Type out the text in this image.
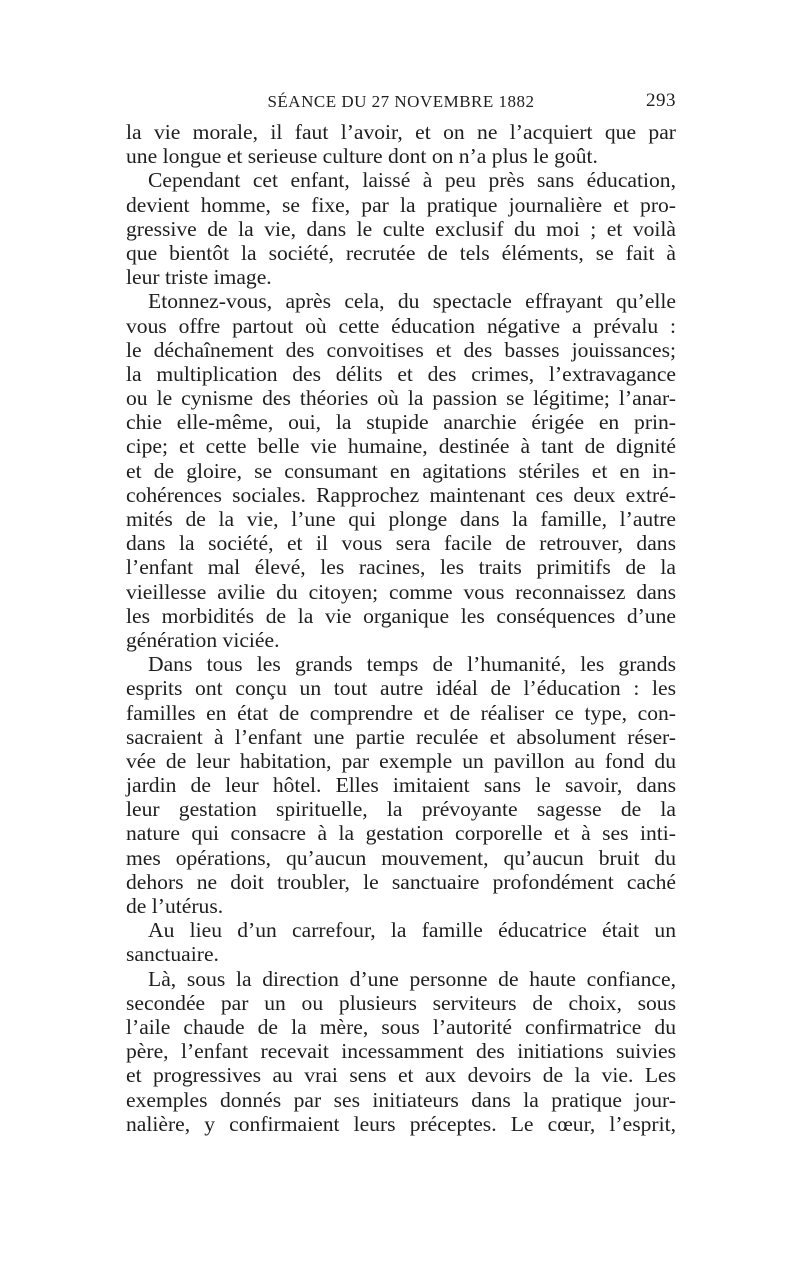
SÉANCE DU 27 NOVEMBRE 1882	293
la vie morale, il faut l’avoir, et on ne l’acquiert que par
une longue et serieuse culture dont on n’a plus le goût.
Cependant cet enfant, laissé à peu près sans éducation,
devient homme, se fixe, par la pratique journalière et pro-
gressive de la vie, dans le culte exclusif du moi ; et voilà
que bientôt la société, recrutée de tels éléments, se fait à
leur triste image.
Etonnez-vous, après cela, du spectacle effrayant qu’elle
vous offre partout où cette éducation négative a prévalu :
le déchaînement des convoitises et des basses jouissances;
la multiplication des délits et des crimes, l’extravagance
ou le cynisme des théories où la passion se légitime; l’anar-
chie elle-même, oui, la stupide anarchie érigée en prin-
cipe; et cette belle vie humaine, destinée à tant de dignité
et de gloire, se consumant en agitations stériles et en in-
cohérences sociales. Rapprochez maintenant ces deux extré-
mités de la vie, l’une qui plonge dans la famille, l’autre
dans la société, et il vous sera facile de retrouver, dans
l’enfant mal élevé, les racines, les traits primitifs de la
vieillesse avilie du citoyen; comme vous reconnaissez dans
les morbidités de la vie organique les conséquences d’une
génération viciée.
Dans tous les grands temps de l’humanité, les grands
esprits ont conçu un tout autre idéal de l’éducation : les
familles en état de comprendre et de réaliser ce type, con-
sacraient à l’enfant une partie reculée et absolument réser-
vée de leur habitation, par exemple un pavillon au fond du
jardin de leur hôtel. Elles imitaient sans le savoir, dans
leur gestation spirituelle, la prévoyante sagesse de la
nature qui consacre à la gestation corporelle et à ses inti-
mes opérations, qu’aucun mouvement, qu’aucun bruit du
dehors ne doit troubler, le sanctuaire profondément caché
de l’utérus.
Au lieu d’un carrefour, la famille éducatrice était un
sanctuaire.
Là, sous la direction d’une personne de haute confiance,
secondée par un ou plusieurs serviteurs de choix, sous
l’aile chaude de la mère, sous l’autorité confirmatrice du
père, l’enfant recevait incessamment des initiations suivies
et progressives au vrai sens et aux devoirs de la vie. Les
exemples donnés par ses initiateurs dans la pratique jour-
nalière, y confirmaient leurs préceptes. Le cœur, l’esprit,
